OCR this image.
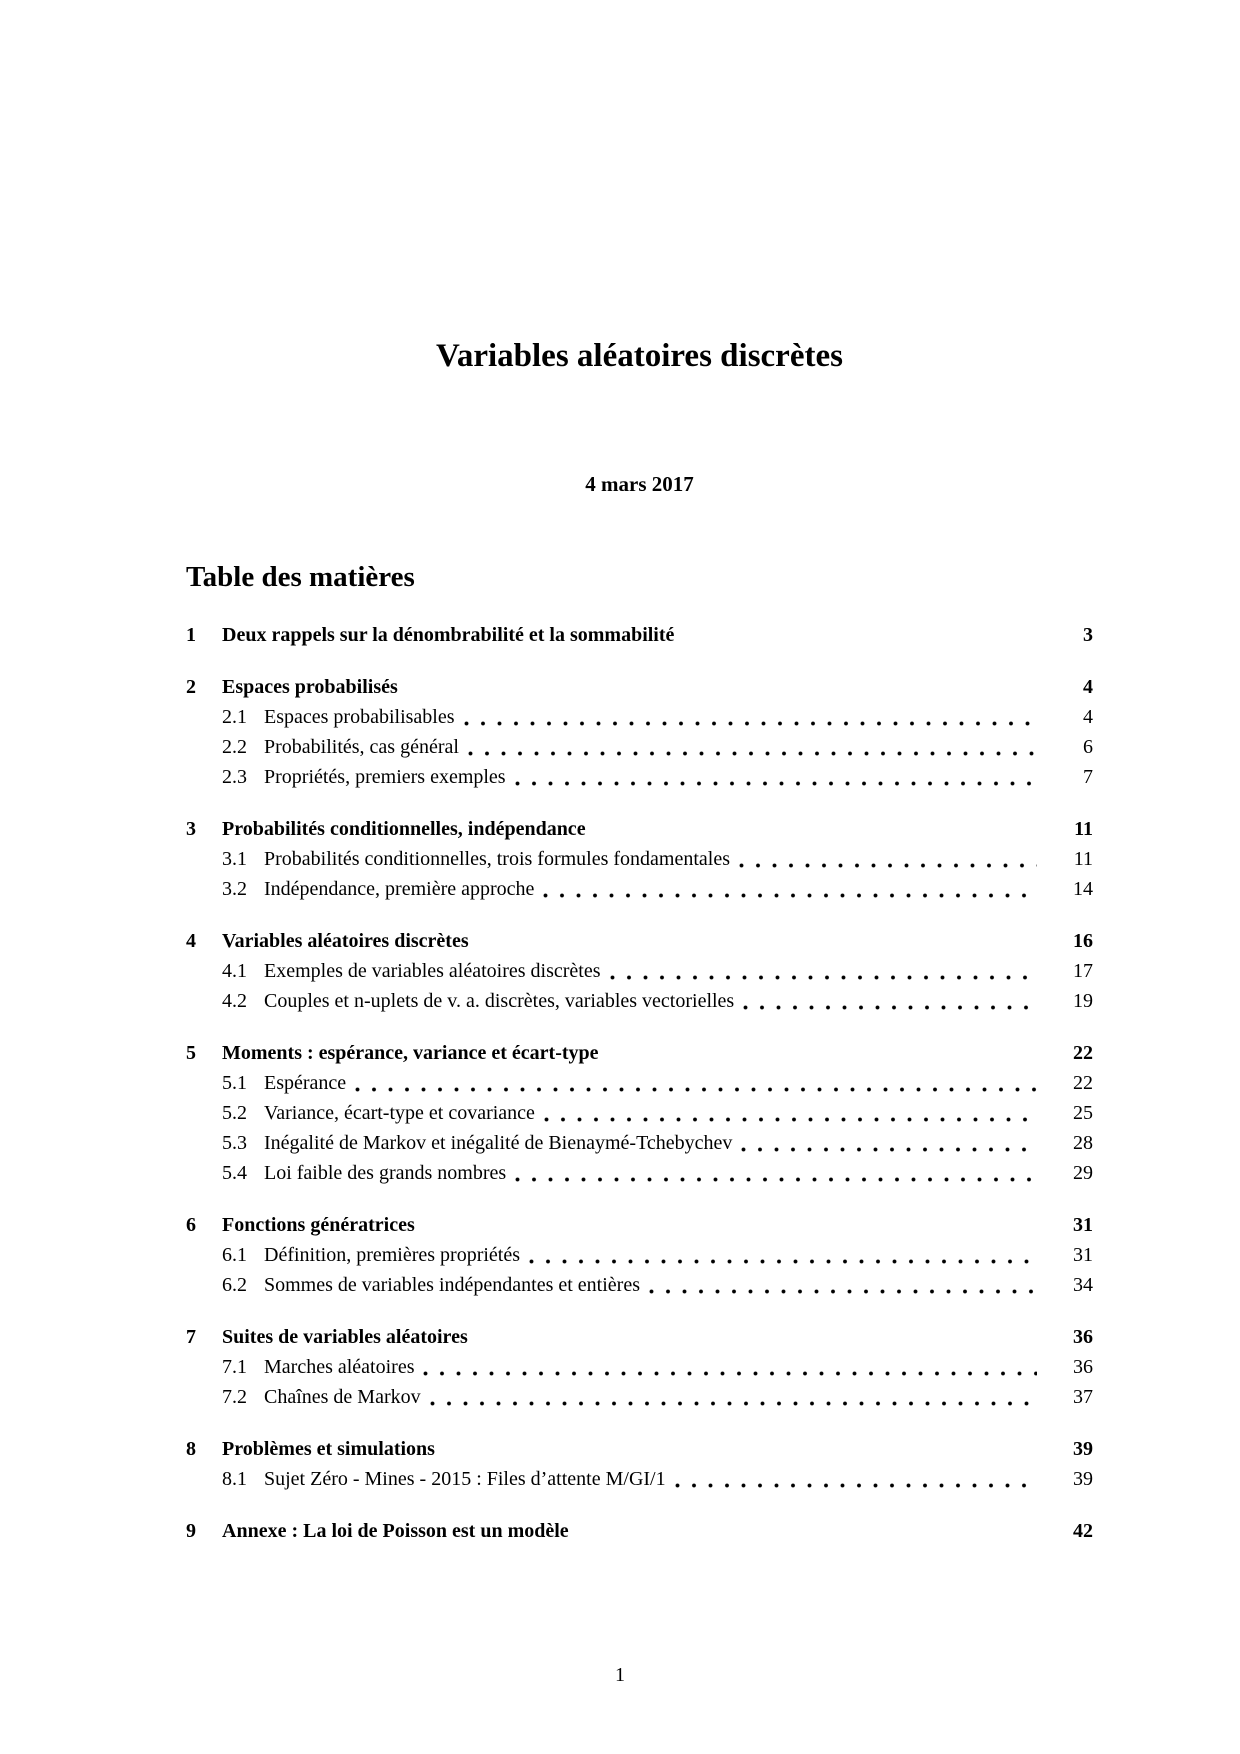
Variables aléatoires discrètes
4 mars 2017
Table des matières
1	Deux rappels sur la dénombrabilité et la sommabilité	3
2	Espaces probabilisés	4
2.1 Espaces probabilisables	4
2.2 Probabilités, cas général	6
2.3 Propriétés, premiers exemples	7
3	Probabilités conditionnelles, indépendance	11
3.1 Probabilités conditionnelles, trois formules fondamentales	11
3.2 Indépendance, première approche	14
4	Variables aléatoires discrètes	16
4.1 Exemples de variables aléatoires discrètes	17
4.2 Couples et n-uplets de v. a. discrètes, variables vectorielles	19
5	Moments : espérance, variance et écart-type	22
5.1 Espérance	22
5.2 Variance, écart-type et covariance	25
5.3 Inégalité de Markov et inégalité de Bienaymé-Tchebychev	28
5.4 Loi faible des grands nombres	29
6	Fonctions génératrices	31
6.1 Définition, premières propriétés	31
6.2 Sommes de variables indépendantes et entières	34
7	Suites de variables aléatoires	36
7.1 Marches aléatoires	36
7.2 Chaînes de Markov	37
8	Problèmes et simulations	39
8.1 Sujet Zéro - Mines - 2015 : Files d’attente M/GI/1	39
9	Annexe : La loi de Poisson est un modèle	42
1
